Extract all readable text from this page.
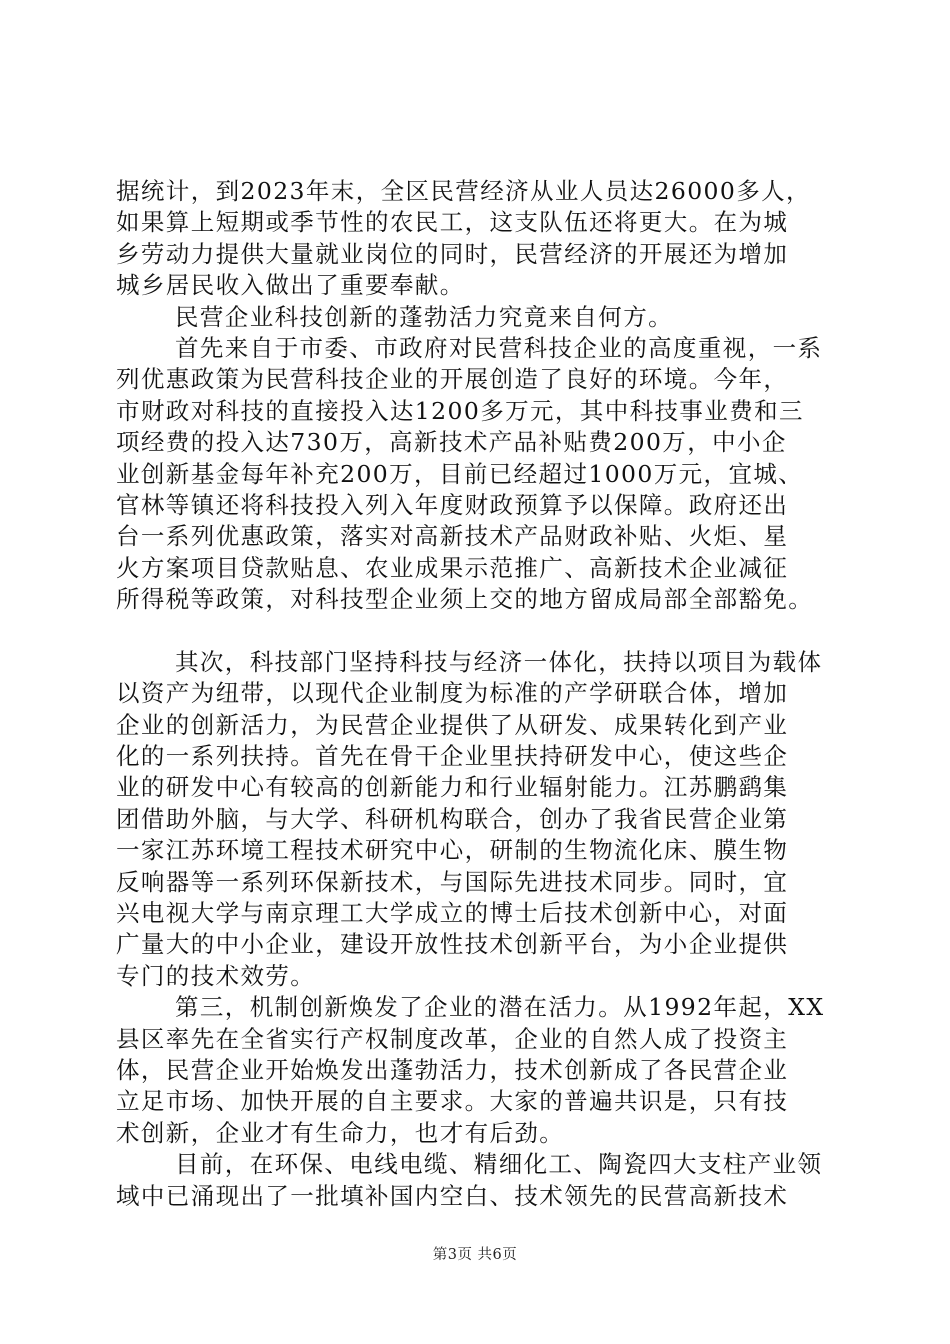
据统计，到2023年末，全区民营经济从业人员达26000多人，
如果算上短期或季节性的农民工，这支队伍还将更大。在为城
乡劳动力提供大量就业岗位的同时，民营经济的开展还为增加
城乡居民收入做出了重要奉献。
民营企业科技创新的蓬勃活力究竟来自何方。
首先来自于市委、市政府对民营科技企业的高度重视，一系
列优惠政策为民营科技企业的开展创造了良好的环境。今年，
市财政对科技的直接投入达1200多万元，其中科技事业费和三
项经费的投入达730万，高新技术产品补贴费200万，中小企
业创新基金每年补充200万，目前已经超过1000万元，宜城、
官林等镇还将科技投入列入年度财政预算予以保障。政府还出
台一系列优惠政策，落实对高新技术产品财政补贴、火炬、星
火方案项目贷款贴息、农业成果示范推广、高新技术企业减征
所得税等政策，对科技型企业须上交的地方留成局部全部豁免。
其次，科技部门坚持科技与经济一体化，扶持以项目为载体
以资产为纽带，以现代企业制度为标准的产学研联合体，增加
企业的创新活力，为民营企业提供了从研发、成果转化到产业
化的一系列扶持。首先在骨干企业里扶持研发中心，使这些企
业的研发中心有较高的创新能力和行业辐射能力。江苏鹏鹞集
团借助外脑，与大学、科研机构联合，创办了我省民营企业第
一家江苏环境工程技术研究中心，研制的生物流化床、膜生物
反响器等一系列环保新技术，与国际先进技术同步。同时，宜
兴电视大学与南京理工大学成立的博士后技术创新中心，对面
广量大的中小企业，建设开放性技术创新平台，为小企业提供
专门的技术效劳。
第三，机制创新焕发了企业的潜在活力。从1992年起，XX
县区率先在全省实行产权制度改革，企业的自然人成了投资主
体，民营企业开始焕发出蓬勃活力，技术创新成了各民营企业
立足市场、加快开展的自主要求。大家的普遍共识是，只有技
术创新，企业才有生命力，也才有后劲。
目前，在环保、电线电缆、精细化工、陶瓷四大支柱产业领
域中已涌现出了一批填补国内空白、技术领先的民营高新技术
第3页 共6页
